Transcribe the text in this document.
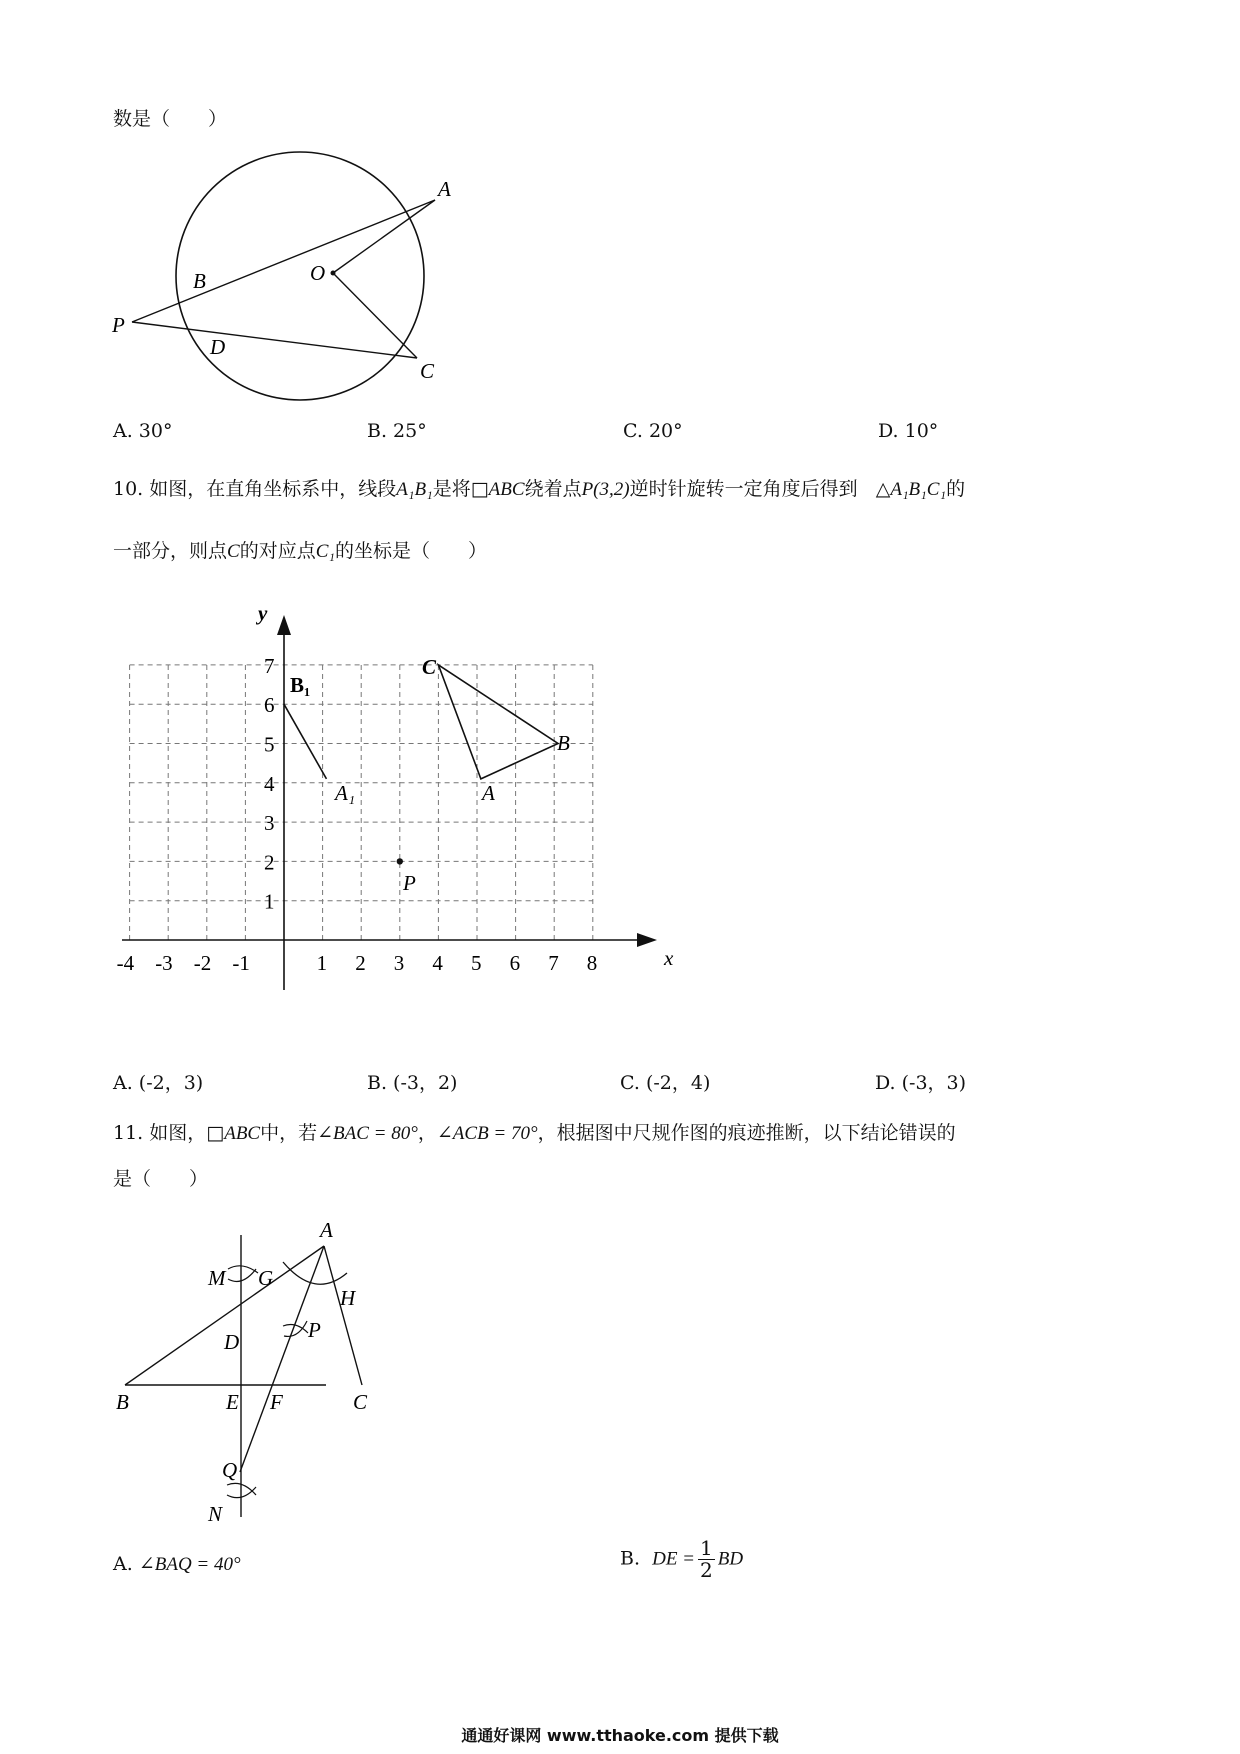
数是（　　）
A
B	O
P
D
C
A. 30°	B. 25°	C. 20°	D. 10°
10. 如图，在直角坐标系中，线段A₁B₁是将□ABC绕着点P(3,2)逆时针旋转一定角度后得到 △A₁B₁C₁的
一部分，则点C的对应点C₁的坐标是（　　）
x
y
-4 -3 -2 -1	1 2 3 4 5 6 7 8
1
2
3
4
5
6
7
B₁
A₁
C
B
A
P
A. (-2，3)	B. (-3，2)	C. (-2，4)	D. (-3，3)
11. 如图，□ABC中，若∠BAC = 80°，∠ACB = 70°，根据图中尺规作图的痕迹推断，以下结论错误的
是（　　）
A
M G
H
D	P
B	E F	C
Q
N
A. ∠BAQ = 40°	B. DE = $\frac{1}{2}$ BD
通通好课网 www.tthaoke.com 提供下载
